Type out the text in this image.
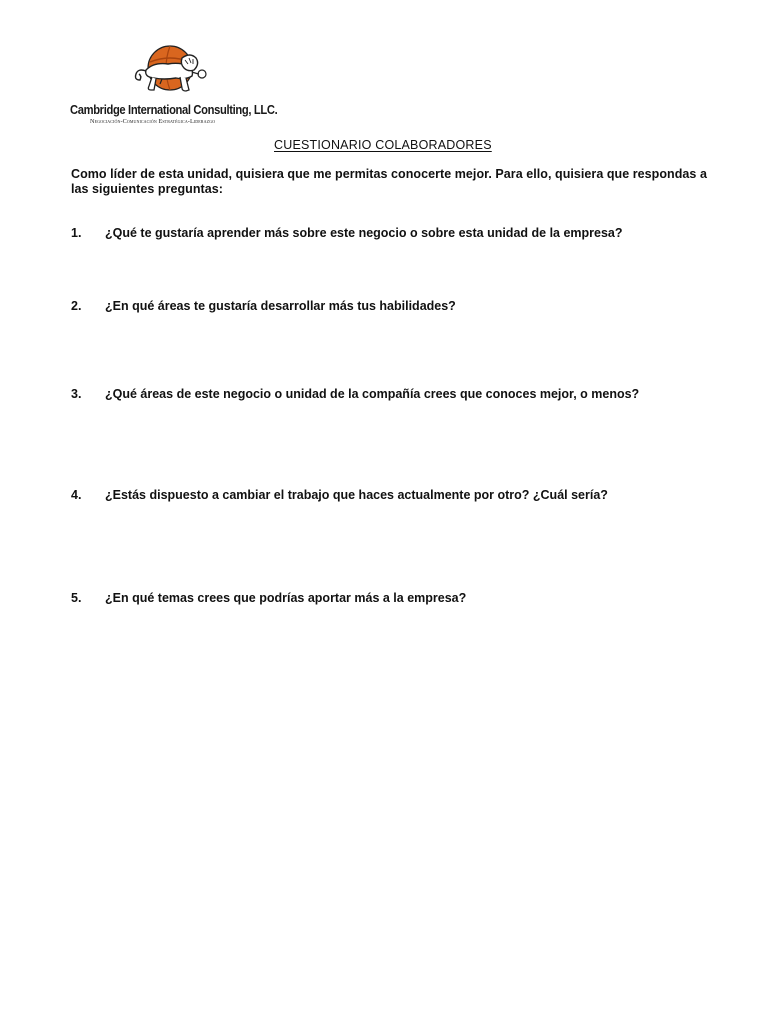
Cambridge International Consulting, LLC.
Negociación-Comunicación Estratégica-Liderazgo
CUESTIONARIO COLABORADORES
Como líder de esta unidad, quisiera que me permitas conocerte mejor. Para ello, quisiera que respondas a las siguientes preguntas:
1. ¿Qué te gustaría aprender más sobre este negocio o sobre esta unidad de la empresa?
2. ¿En qué áreas te gustaría desarrollar más tus habilidades?
3. ¿Qué áreas de este negocio o unidad de la compañía crees que conoces mejor, o menos?
4. ¿Estás dispuesto a cambiar el trabajo que haces actualmente por otro? ¿Cuál sería?
5. ¿En qué temas crees que podrías aportar más a la empresa?
